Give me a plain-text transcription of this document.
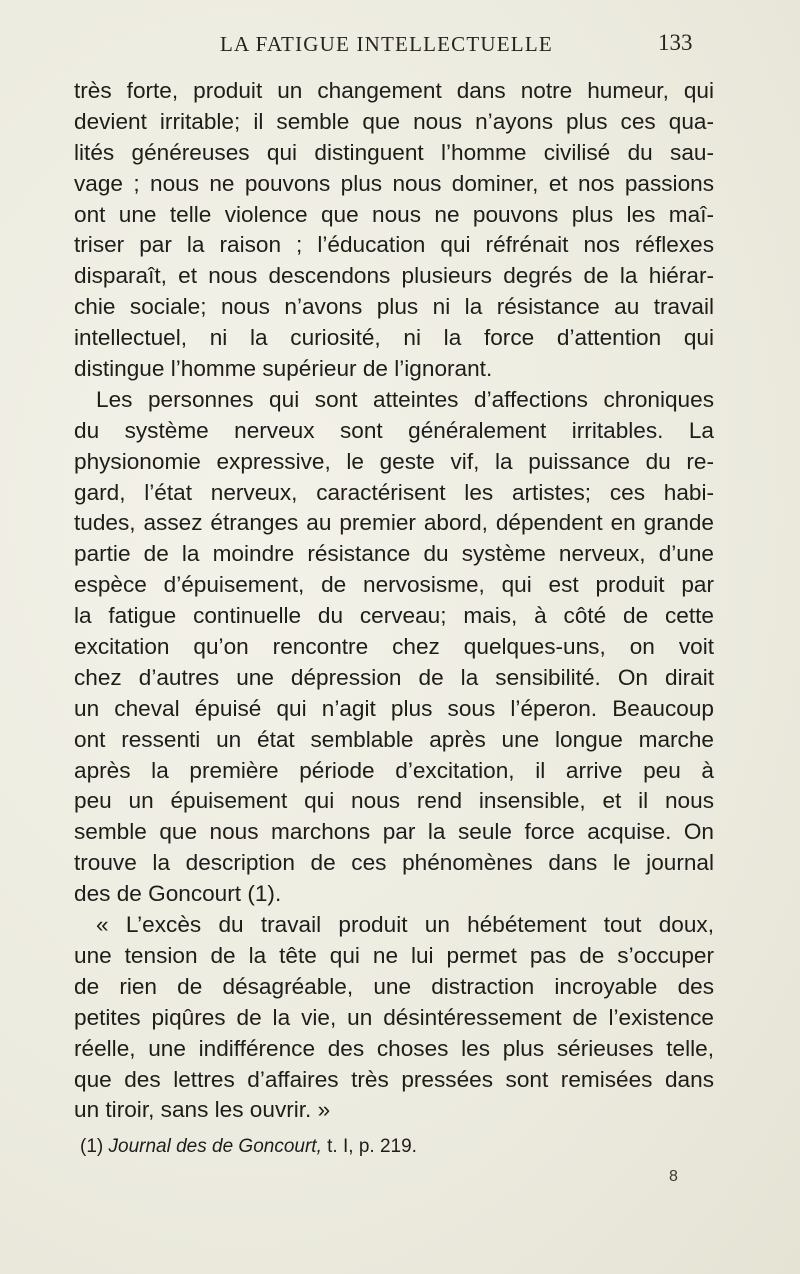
LA FATIGUE INTELLECTUELLE	133
très forte, produit un changement dans notre humeur, qui
devient irritable; il semble que nous n’ayons plus ces qua-
lités généreuses qui distinguent l’homme civilisé du sau-
vage ; nous ne pouvons plus nous dominer, et nos passions
ont une telle violence que nous ne pouvons plus les maî-
triser par la raison ; l’éducation qui réfrénait nos réflexes
disparaît, et nous descendons plusieurs degrés de la hiérar-
chie sociale; nous n’avons plus ni la résistance au travail
intellectuel, ni la curiosité, ni la force d’attention qui
distingue l’homme supérieur de l’ignorant.
Les personnes qui sont atteintes d’affections chroniques
du système nerveux sont généralement irritables. La
physionomie expressive, le geste vif, la puissance du re-
gard, l’état nerveux, caractérisent les artistes; ces habi-
tudes, assez étranges au premier abord, dépendent en grande
partie de la moindre résistance du système nerveux, d’une
espèce d’épuisement, de nervosisme, qui est produit par
la fatigue continuelle du cerveau; mais, à côté de cette
excitation qu’on rencontre chez quelques-uns, on voit
chez d’autres une dépression de la sensibilité. On dirait
un cheval épuisé qui n’agit plus sous l’éperon. Beaucoup
ont ressenti un état semblable après une longue marche
après la première période d’excitation, il arrive peu à
peu un épuisement qui nous rend insensible, et il nous
semble que nous marchons par la seule force acquise. On
trouve la description de ces phénomènes dans le journal
des de Goncourt (1).
« L’excès du travail produit un hébétement tout doux,
une tension de la tête qui ne lui permet pas de s’occuper
de rien de désagréable, une distraction incroyable des
petites piqûres de la vie, un désintéressement de l’existence
réelle, une indifférence des choses les plus sérieuses telle,
que des lettres d’affaires très pressées sont remisées dans
un tiroir, sans les ouvrir. »
(1) Journal des de Goncourt, t. I, p. 219.
8
